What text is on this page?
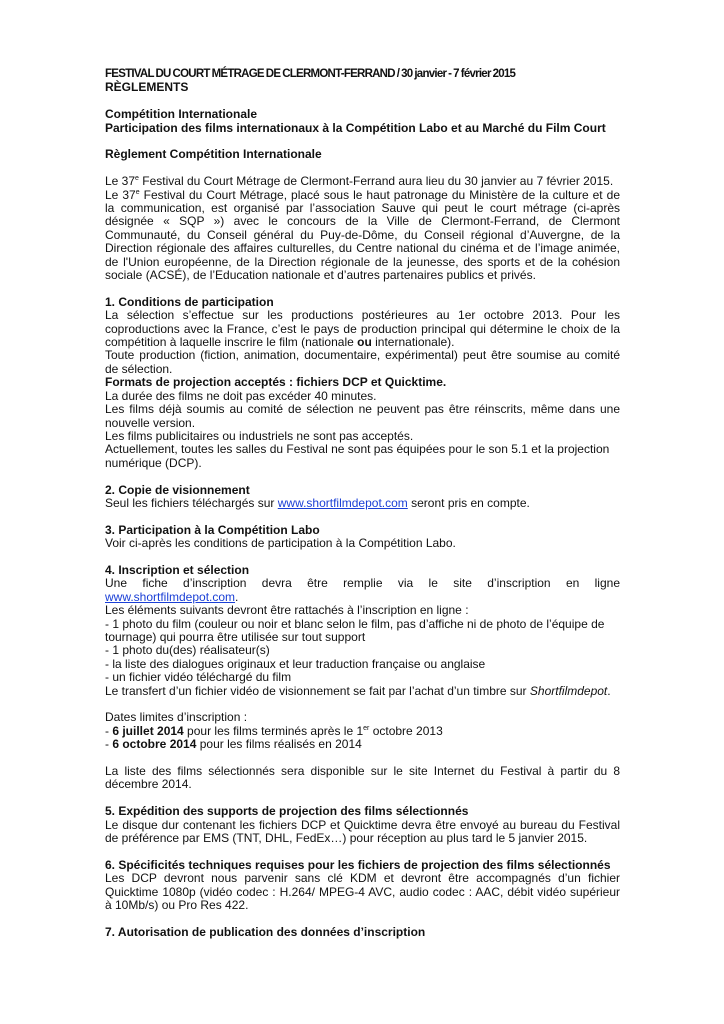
FESTIVAL DU COURT MÉTRAGE DE CLERMONT-FERRAND / 30 janvier - 7 février 2015
RÈGLEMENTS
Compétition Internationale
Participation des films internationaux à la Compétition Labo et au Marché du Film Court
Règlement Compétition Internationale
Le 37e Festival du Court Métrage de Clermont-Ferrand aura lieu du 30 janvier au 7 février 2015.
Le 37e Festival du Court Métrage, placé sous le haut patronage du Ministère de la culture et de la communication, est organisé par l’association Sauve qui peut le court métrage (ci-après désignée « SQP ») avec le concours de la Ville de Clermont-Ferrand, de Clermont Communauté, du Conseil général du Puy-de-Dôme, du Conseil régional d’Auvergne, de la Direction régionale des affaires culturelles, du Centre national du cinéma et de l’image animée, de l'Union européenne, de la Direction régionale de la jeunesse, des sports et de la cohésion sociale (ACSÉ), de l’Education nationale et d’autres partenaires publics et privés.
1. Conditions de participation
La sélection s’effectue sur les productions postérieures au 1er octobre 2013. Pour les coproductions avec la France, c’est le pays de production principal qui détermine le choix de la compétition à laquelle inscrire le film (nationale ou internationale).
Toute production (fiction, animation, documentaire, expérimental) peut être soumise au comité de sélection.
Formats de projection acceptés : fichiers DCP et Quicktime.
La durée des films ne doit pas excéder 40 minutes.
Les films déjà soumis au comité de sélection ne peuvent pas être réinscrits, même dans une nouvelle version.
Les films publicitaires ou industriels ne sont pas acceptés.
Actuellement, toutes les salles du Festival ne sont pas équipées pour le son 5.1 et la projection numérique (DCP).
2. Copie de visionnement
Seul les fichiers téléchargés sur www.shortfilmdepot.com seront pris en compte.
3. Participation à la Compétition Labo
Voir ci-après les conditions de participation à la Compétition Labo.
4. Inscription et sélection
Une fiche d’inscription devra être remplie via le site d’inscription en ligne
www.shortfilmdepot.com.
Les éléments suivants devront être rattachés à l’inscription en ligne :
- 1 photo du film (couleur ou noir et blanc selon le film, pas d’affiche ni de photo de l’équipe de tournage) qui pourra être utilisée sur tout support
- 1 photo du(des) réalisateur(s)
- la liste des dialogues originaux et leur traduction française ou anglaise
- un fichier vidéo téléchargé du film
Le transfert d’un fichier vidéo de visionnement se fait par l’achat d’un timbre sur Shortfilmdepot.
Dates limites d’inscription :
- 6 juillet 2014 pour les films terminés après le 1er octobre 2013
- 6 octobre 2014 pour les films réalisés en 2014
La liste des films sélectionnés sera disponible sur le site Internet du Festival à partir du 8 décembre 2014.
5. Expédition des supports de projection des films sélectionnés
Le disque dur contenant les fichiers DCP et Quicktime devra être envoyé au bureau du Festival de préférence par EMS (TNT, DHL, FedEx…) pour réception au plus tard le 5 janvier 2015.
6. Spécificités techniques requises pour les fichiers de projection des films sélectionnés
Les DCP devront nous parvenir sans clé KDM et devront être accompagnés d’un fichier Quicktime 1080p (vidéo codec : H.264/ MPEG-4 AVC, audio codec : AAC, débit vidéo supérieur à 10Mb/s) ou Pro Res 422.
7. Autorisation de publication des données d’inscription
